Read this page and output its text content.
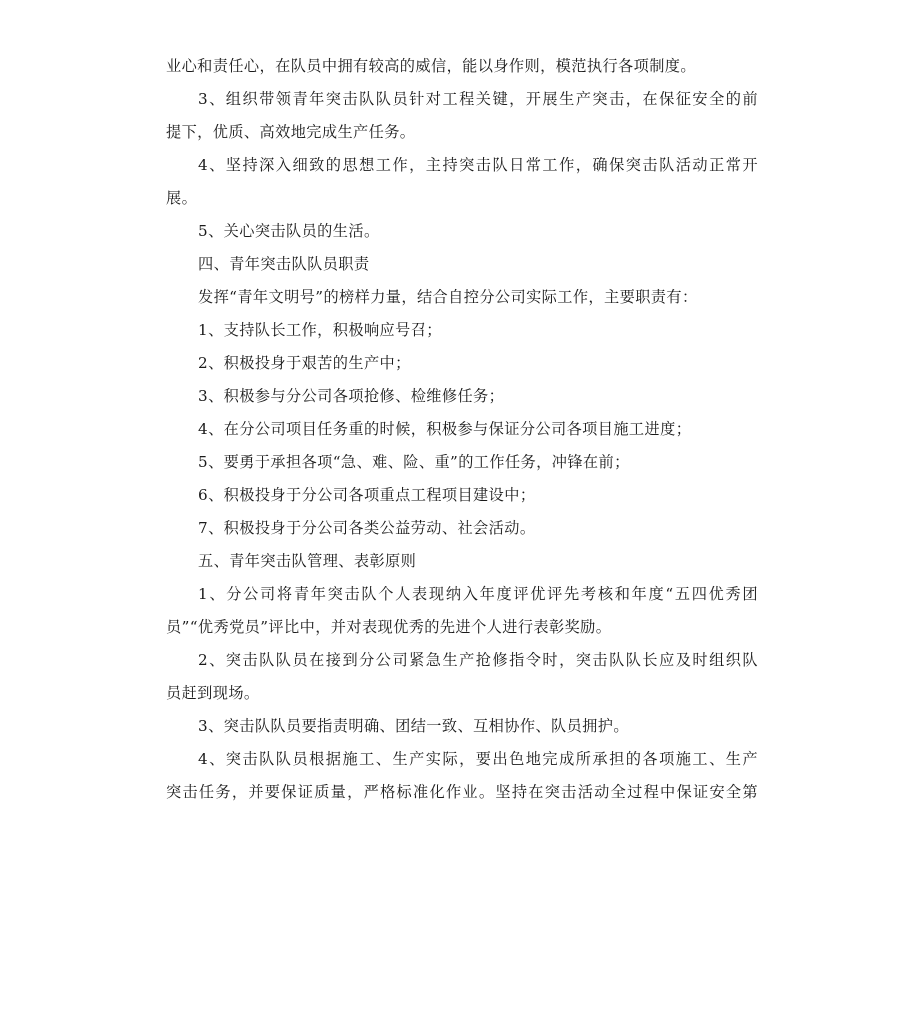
业心和责任心，在队员中拥有较高的威信，能以身作则，模范执行各项制度。
3、组织带领青年突击队队员针对工程关键，开展生产突击，在保征安全的前
提下，优质、高效地完成生产任务。
4、坚持深入细致的思想工作，主持突击队日常工作，确保突击队活动正常开
展。
5、关心突击队员的生活。
四、青年突击队队员职责
发挥“青年文明号”的榜样力量，结合自控分公司实际工作，主要职责有：
1、支持队长工作，积极响应号召；
2、积极投身于艰苦的生产中；
3、积极参与分公司各项抢修、检维修任务；
4、在分公司项目任务重的时候，积极参与保证分公司各项目施工进度；
5、要勇于承担各项“急、难、险、重”的工作任务，冲锋在前；
6、积极投身于分公司各项重点工程项目建设中；
7、积极投身于分公司各类公益劳动、社会活动。
五、青年突击队管理、表彰原则
1、分公司将青年突击队个人表现纳入年度评优评先考核和年度“五四优秀团
员”“优秀党员”评比中，并对表现优秀的先进个人进行表彰奖励。
2、突击队队员在接到分公司紧急生产抢修指令时，突击队队长应及时组织队
员赶到现场。
3、突击队队员要指责明确、团结一致、互相协作、队员拥护。
4、突击队队员根据施工、生产实际，要出色地完成所承担的各项施工、生产
突击任务，并要保证质量，严格标准化作业。坚持在突击活动全过程中保证安全第
